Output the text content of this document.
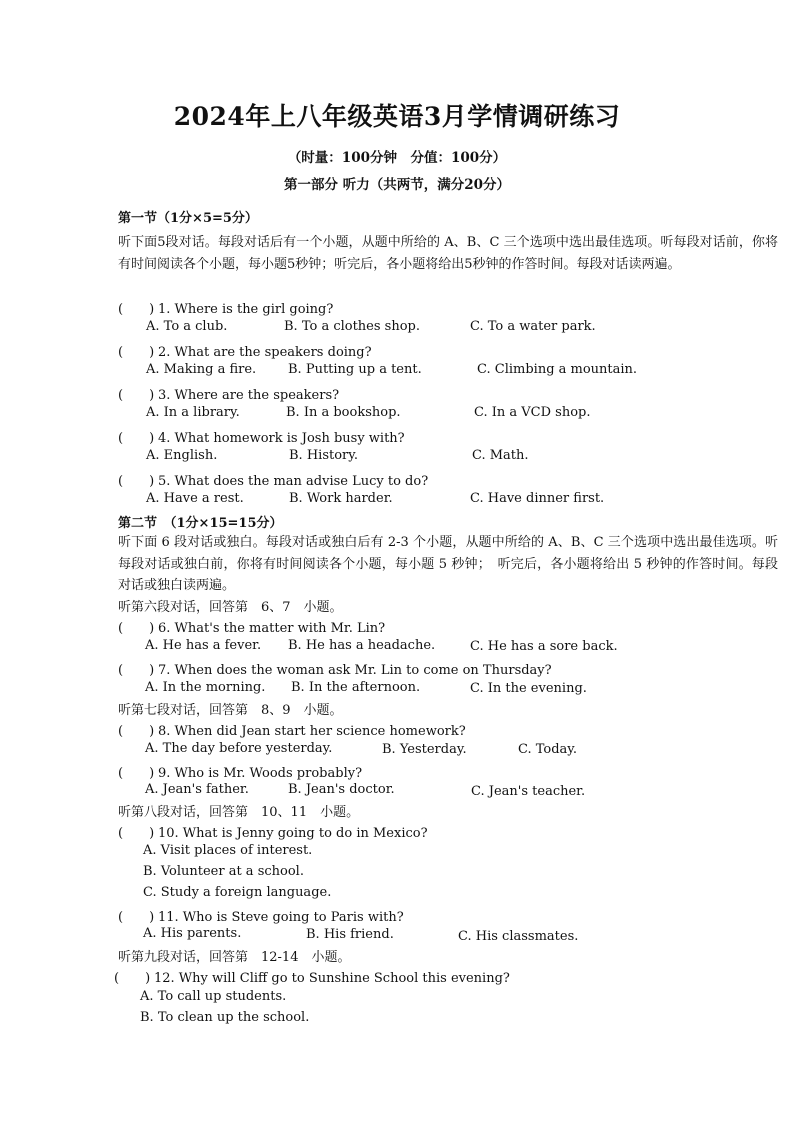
2024年上八年级英语3月学情调研练习
（时量：100分钟　分值：100分）
第一部分 听力（共两节，满分20分）
第一节（1分×5=5分）
听下面5段对话。每段对话后有一个小题，从题中所给的 A、B、C 三个选项中选出最佳选项。听每段对话前，你将有时间阅读各个小题，每小题5秒钟；听完后，各小题将给出5秒钟的作答时间。每段对话读两遍。
(　　) 1. Where is the girl going?
A. To a club.	B. To a clothes shop.	C. To a water park.
(　　) 2. What are the speakers doing?
A. Making a fire. B. Putting up a tent.	C. Climbing a mountain.
(　　) 3. Where are the speakers?
A. In a library.	B. In a bookshop.	C. In a VCD shop.
(　　) 4. What homework is Josh busy with?
A. English.	B. History.	C. Math.
(　　) 5. What does the man advise Lucy to do?
A. Have a rest.	B. Work harder.	C. Have dinner first.
第二节　（1分×15=15分）
听下面 6 段对话或独白。每段对话或独白后有 2-3 个小题，从题中所给的 A、B、C 三个选项中选出最佳选项。听每段对话或独白前，你将有时间阅读各个小题，每小题 5 秒钟；　听完后，各小题将给出 5 秒钟的作答时间。每段对话或独白读两遍。
听第六段对话，回答第　6、7　小题。
(　　) 6. What's the matter with Mr. Lin?
A. He has a fever. B. He has a headache.	C. He has a sore back.
(　　) 7. When does the woman ask Mr. Lin to come on Thursday?
A. In the morning. B. In the afternoon.	C. In the evening.
听第七段对话，回答第　8、9　小题。
(　　) 8. When did Jean start her science homework?
A. The day before yesterday.	B. Yesterday.	C. Today.
(　　) 9. Who is Mr. Woods probably?
A. Jean's father.	B. Jean's doctor.	C. Jean's teacher.
听第八段对话，回答第　10、11　小题。
(　　) 10. What is Jenny going to do in Mexico?
A. Visit places of interest.
B. Volunteer at a school.
C. Study a foreign language.
(　　) 11. Who is Steve going to Paris with?
A. His parents.	B. His friend.	C. His classmates.
听第九段对话，回答第　12-14　小题。
(　　) 12. Why will Cliff go to Sunshine School this evening?
A. To call up students.
B. To clean up the school.
